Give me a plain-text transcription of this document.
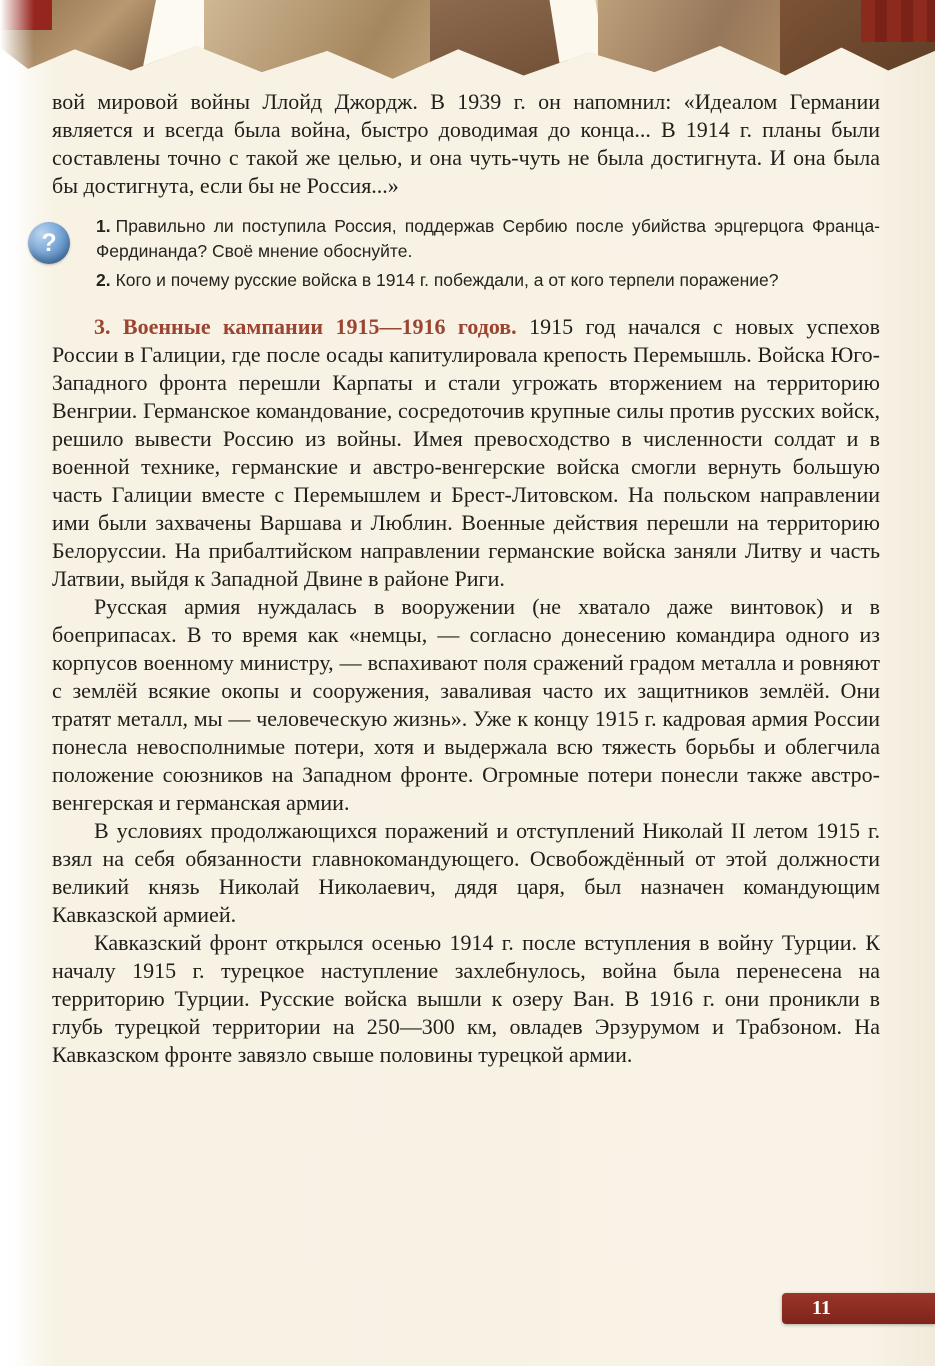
вой мировой войны Ллойд Джордж. В 1939 г. он напомнил: «Идеалом Германии является и всегда была война, быстро доводимая до конца... В 1914 г. планы были составлены точно с такой же целью, и она чуть-чуть не была достигнута. И она была бы достигнута, если бы не Россия...»

?

1. Правильно ли поступила Россия, поддержав Сербию после убийства эрцгерцога Франца-Фердинанда? Своё мнение обоснуйте.

2. Кого и почему русские войска в 1914 г. побеждали, а от кого терпели поражение?

3. Военные кампании 1915—1916 годов. 1915 год начался с новых успехов России в Галиции, где после осады капитулировала крепость Перемышль. Войска Юго-Западного фронта перешли Карпаты и стали угрожать вторжением на территорию Венгрии. Германское командование, сосредоточив крупные силы против русских войск, решило вывести Россию из войны. Имея превосходство в численности солдат и в военной технике, германские и австро-венгерские войска смогли вернуть большую часть Галиции вместе с Перемышлем и Брест-Литовском. На польском направлении ими были захвачены Варшава и Люблин. Военные действия перешли на территорию Белоруссии. На прибалтийском направлении германские войска заняли Литву и часть Латвии, выйдя к Западной Двине в районе Риги.

Русская армия нуждалась в вооружении (не хватало даже винтовок) и в боеприпасах. В то время как «немцы, — согласно донесению командира одного из корпусов военному министру, — вспахивают поля сражений градом металла и ровняют с землёй всякие окопы и сооружения, заваливая часто их защитников землёй. Они тратят металл, мы — человеческую жизнь». Уже к концу 1915 г. кадровая армия России понесла невосполнимые потери, хотя и выдержала всю тяжесть борьбы и облегчила положение союзников на Западном фронте. Огромные потери понесли также австро-венгерская и германская армии.

В условиях продолжающихся поражений и отступлений Николай II летом 1915 г. взял на себя обязанности главнокомандующего. Освобождённый от этой должности великий князь Николай Николаевич, дядя царя, был назначен командующим Кавказской армией.

Кавказский фронт открылся осенью 1914 г. после вступления в войну Турции. К началу 1915 г. турецкое наступление захлебнулось, война была перенесена на территорию Турции. Русские войска вышли к озеру Ван. В 1916 г. они проникли в глубь турецкой территории на 250—300 км, овладев Эрзурумом и Трабзоном. На Кавказском фронте завязло свыше половины турецкой армии.

11
